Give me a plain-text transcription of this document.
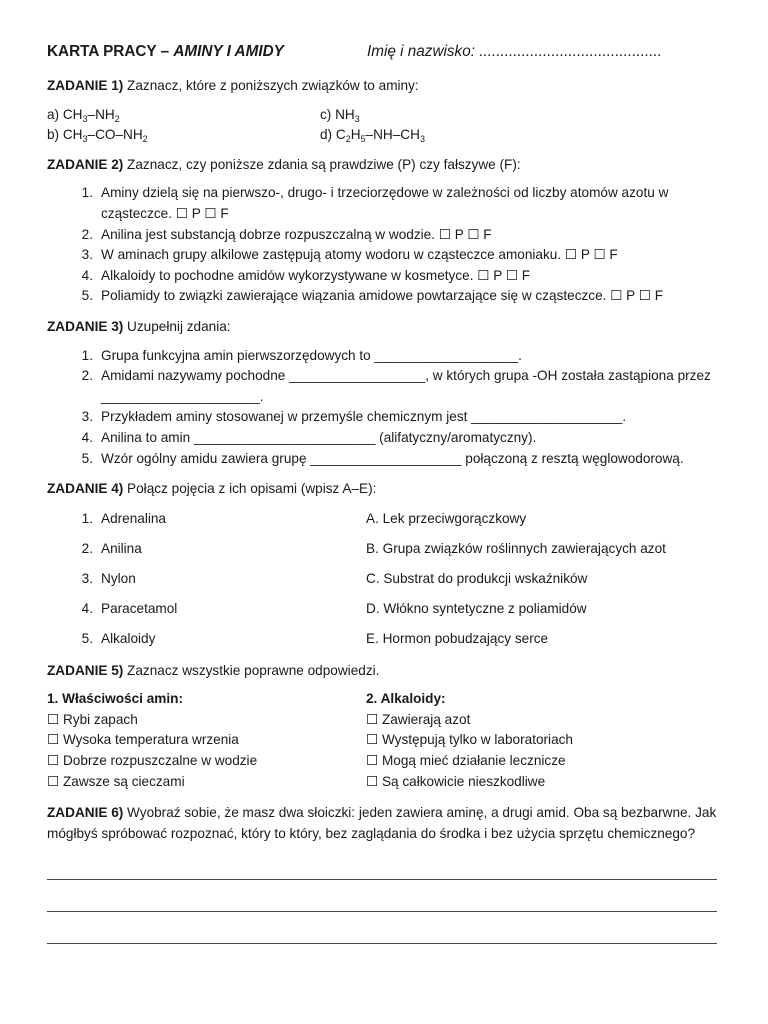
KARTA PRACY – AMINY I AMIDY	Imię i nazwisko: ...........................................
ZADANIE 1) Zaznacz, które z poniższych związków to aminy:
a) $CH_3-NH_2$	c) $NH_3$
b) $CH_3-CO-NH_2$	d) $C_2H_5-NH-CH_3$
ZADANIE 2) Zaznacz, czy poniższe zdania są prawdziwe (P) czy fałszywe (F):
1. Aminy dzielą się na pierwszo-, drugo- i trzeciorzędowe w zależności od liczby atomów azotu w cząsteczce. ☐ P ☐ F
2. Anilina jest substancją dobrze rozpuszczalną w wodzie. ☐ P ☐ F
3. W aminach grupy alkilowe zastępują atomy wodoru w cząsteczce amoniaku. ☐ P ☐ F
4. Alkaloidy to pochodne amidów wykorzystywane w kosmetyce. ☐ P ☐ F
5. Poliamidy to związki zawierające wiązania amidowe powtarzające się w cząsteczce. ☐ P ☐ F
ZADANIE 3) Uzupełnij zdania:
1. Grupa funkcyjna amin pierwszorzędowych to ___________________.
2. Amidami nazywamy pochodne __________________, w których grupa -OH została zastąpiona przez _____________________.
3. Przykładem aminy stosowanej w przemyśle chemicznym jest ____________________.
4. Anilina to amin ________________________ (alifatyczny/aromatyczny).
5. Wzór ogólny amidu zawiera grupę ____________________ połączoną z resztą węglowodorową.
ZADANIE 4) Połącz pojęcia z ich opisami (wpisz A–E):
1. Adrenalina	A. Lek przeciwgorączkowy
2. Anilina	B. Grupa związków roślinnych zawierających azot
3. Nylon	C. Substrat do produkcji wskaźników
4. Paracetamol	D. Włókno syntetyczne z poliamidów
5. Alkaloidy	E. Hormon pobudzający serce
ZADANIE 5) Zaznacz wszystkie poprawne odpowiedzi.
1. Właściwości amin:
☐ Rybi zapach
☐ Wysoka temperatura wrzenia
☐ Dobrze rozpuszczalne w wodzie
☐ Zawsze są cieczami
2. Alkaloidy:
☐ Zawierają azot
☐ Występują tylko w laboratoriach
☐ Mogą mieć działanie lecznicze
☐ Są całkowicie nieszkodliwe
ZADANIE 6) Wyobraź sobie, że masz dwa słoiczki: jeden zawiera aminę, a drugi amid. Oba są bezbarwne. Jak mógłbyś spróbować rozpoznać, który to który, bez zaglądania do środka i bez użycia sprzętu chemicznego?
